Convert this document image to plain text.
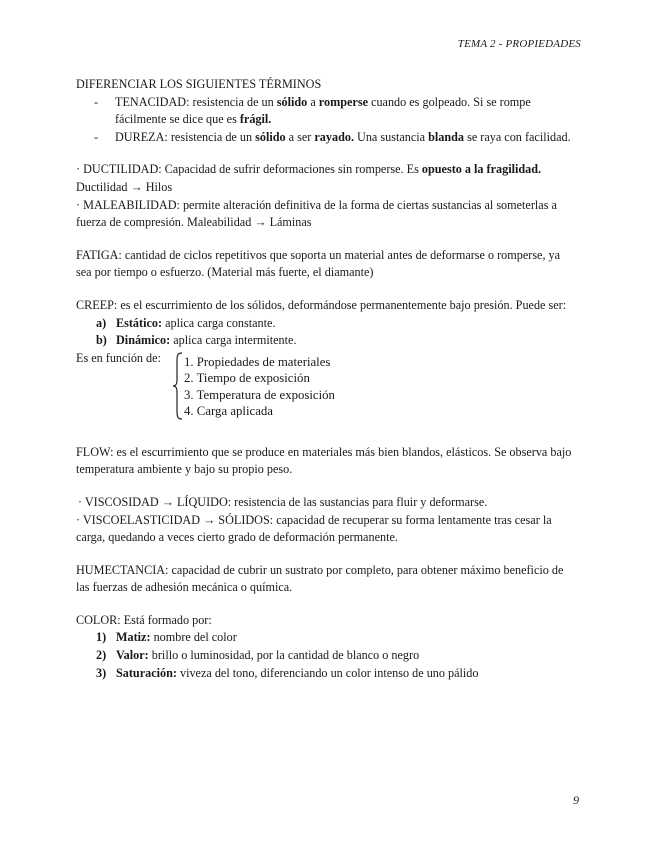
TEMA 2 - PROPIEDADES

DIFERENCIAR LOS SIGUIENTES TÉRMINOS

-	TENACIDAD: resistencia de un sólido a romperse cuando es golpeado. Si se rompe fácilmente se dice que es frágil.
-	DUREZA: resistencia de un sólido a ser rayado. Una sustancia blanda se raya con facilidad.

· DUCTILIDAD: Capacidad de sufrir deformaciones sin romperse. Es opuesto a la fragilidad.

Ductilidad → Hilos

· MALEABILIDAD: permite alteración definitiva de la forma de ciertas sustancias al someterlas a fuerza de compresión. Maleabilidad → Láminas

FATIGA: cantidad de ciclos repetitivos que soporta un material antes de deformarse o romperse, ya sea por tiempo o esfuerzo. (Material más fuerte, el diamante)

CREEP: es el escurrimiento de los sólidos, deformándose permanentemente bajo presión. Puede ser:

a) Estático: aplica carga constante.
b) Dinámico: aplica carga intermitente.
Es en función de: 1. Propiedades de materiales
2. Tiempo de exposición
3. Temperatura de exposición
4. Carga aplicada

FLOW: es el escurrimiento que se produce en materiales más bien blandos, elásticos. Se observa bajo temperatura ambiente y bajo su propio peso.

· VISCOSIDAD → LÍQUIDO: resistencia de las sustancias para fluir y deformarse.

· VISCOELASTICIDAD → SÓLIDOS: capacidad de recuperar su forma lentamente tras cesar la carga, quedando a veces cierto grado de deformación permanente.

HUMECTANCIA: capacidad de cubrir un sustrato por completo, para obtener máximo beneficio de las fuerzas de adhesión mecánica o química.

COLOR: Está formado por:

1) Matiz: nombre del color
2) Valor: brillo o luminosidad, por la cantidad de blanco o negro
3) Saturación: viveza del tono, diferenciando un color intenso de uno pálido
9
